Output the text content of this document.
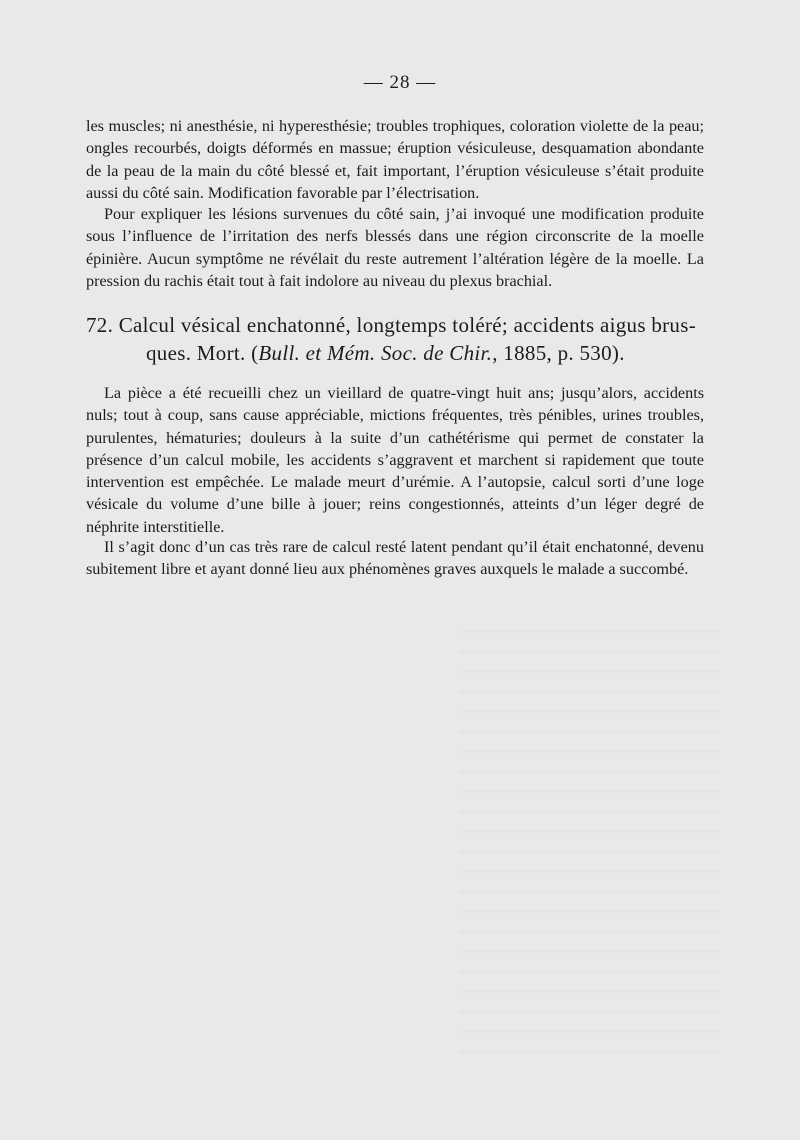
— 28 —

les muscles; ni anesthésie, ni hyperesthésie; troubles trophiques, coloration violette de la peau; ongles recourbés, doigts déformés en massue; éruption vésiculeuse, desquamation abondante de la peau de la main du côté blessé et, fait important, l’éruption vésiculeuse s’était produite aussi du côté sain. Modification favorable par l’électrisation.

Pour expliquer les lésions survenues du côté sain, j’ai invoqué une modification produite sous l’influence de l’irritation des nerfs blessés dans une région circonscrite de la moelle épinière. Aucun symptôme ne révélait du reste autrement l’altération légère de la moelle. La pression du rachis était tout à fait indolore au niveau du plexus brachial.

72. Calcul vésical enchatonné, longtemps toléré; accidents aigus brus-
ques. Mort. (Bull. et Mém. Soc. de Chir., 1885, p. 530).

La pièce a été recueilli chez un vieillard de quatre-vingt huit ans; jusqu’alors, accidents nuls; tout à coup, sans cause appréciable, mictions fréquentes, très pénibles, urines troubles, purulentes, hématuries; douleurs à la suite d’un cathétérisme qui permet de constater la présence d’un calcul mobile, les accidents s’aggravent et marchent si rapidement que toute intervention est empêchée. Le malade meurt d’urémie. A l’autopsie, calcul sorti d’une loge vésicale du volume d’une bille à jouer; reins congestionnés, atteints d’un léger degré de néphrite interstitielle.

Il s’agit donc d’un cas très rare de calcul resté latent pendant qu’il était enchatonné, devenu subitement libre et ayant donné lieu aux phénomènes graves auxquels le malade a succombé.
